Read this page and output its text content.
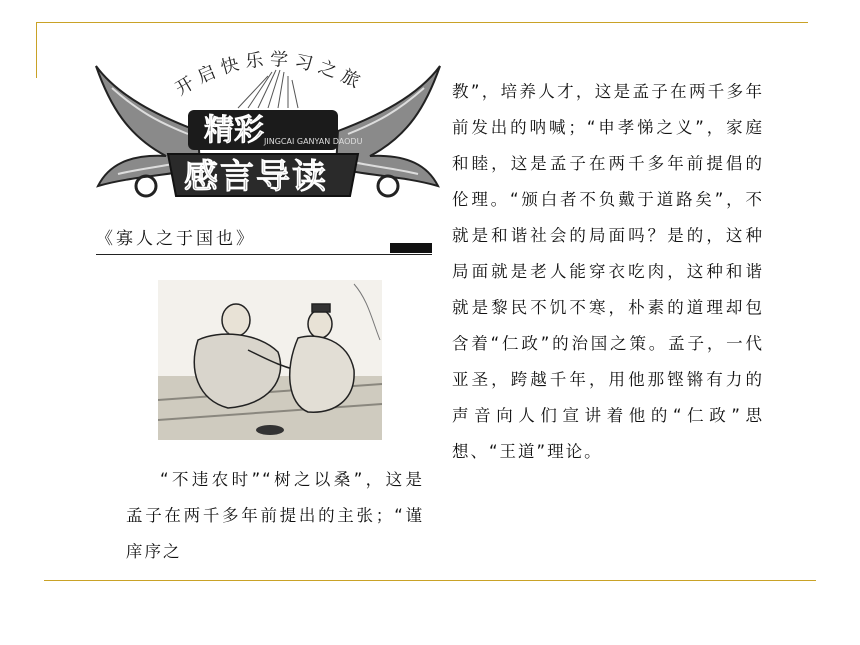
开启快乐学习之旅
精彩 JINGCAI GANYAN DAODU
感言导读
《寡人之于国也》
“不违农时”“树之以桑”，这是孟子在两千多年前提出的主张；“谨庠序之
教”，培养人才，这是孟子在两千多年前发出的呐喊；“申孝悌之义”，家庭和睦，这是孟子在两千多年前提倡的伦理。“颁白者不负戴于道路矣”，不就是和谐社会的局面吗？是的，这种局面就是老人能穿衣吃肉，这种和谐就是黎民不饥不寒，朴素的道理却包含着“仁政”的治国之策。孟子，一代亚圣，跨越千年，用他那铿锵有力的声音向人们宣讲着他的“仁政”思想、“王道”理论。
